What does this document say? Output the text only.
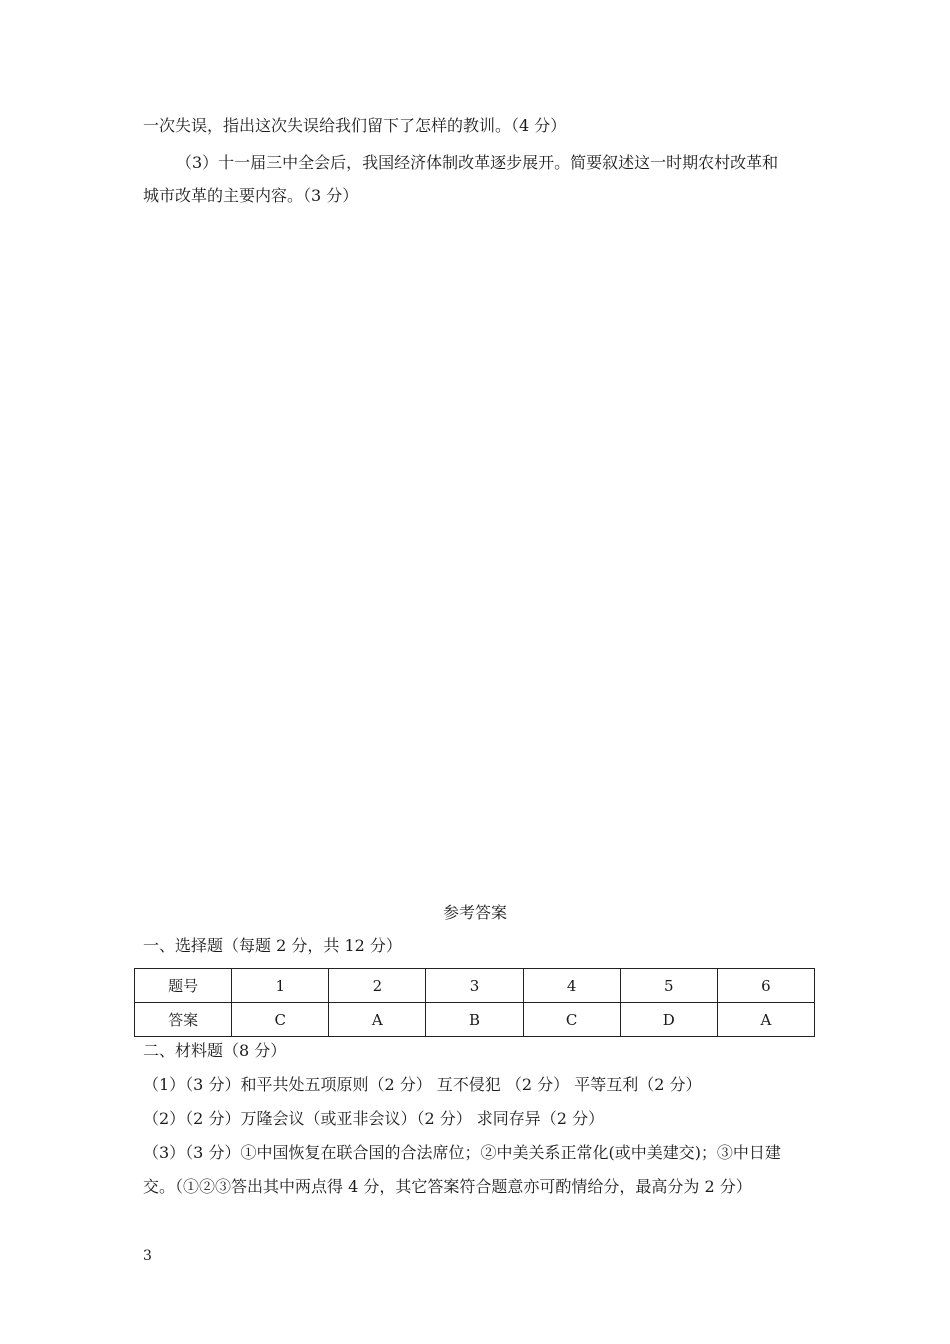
一次失误，指出这次失误给我们留下了怎样的教训。（4 分）
（3）十一届三中全会后，我国经济体制改革逐步展开。简要叙述这一时期农村改革和
城市改革的主要内容。（3 分）
参考答案
一、选择题（每题 2 分，共 12 分）
题号	1	2	3	4	5	6
答案	C	A	B	C	D	A
二、材料题（8 分）
（1）（3 分）和平共处五项原则（2 分） 互不侵犯 （2 分） 平等互利（2 分）
（2）（2 分）万隆会议（或亚非会议）（2 分） 求同存异（2 分）
（3）（3 分）①中国恢复在联合国的合法席位；②中美关系正常化(或中美建交)；③中日建
交。（①②③答出其中两点得 4 分，其它答案符合题意亦可酌情给分，最高分为 2 分）
3
